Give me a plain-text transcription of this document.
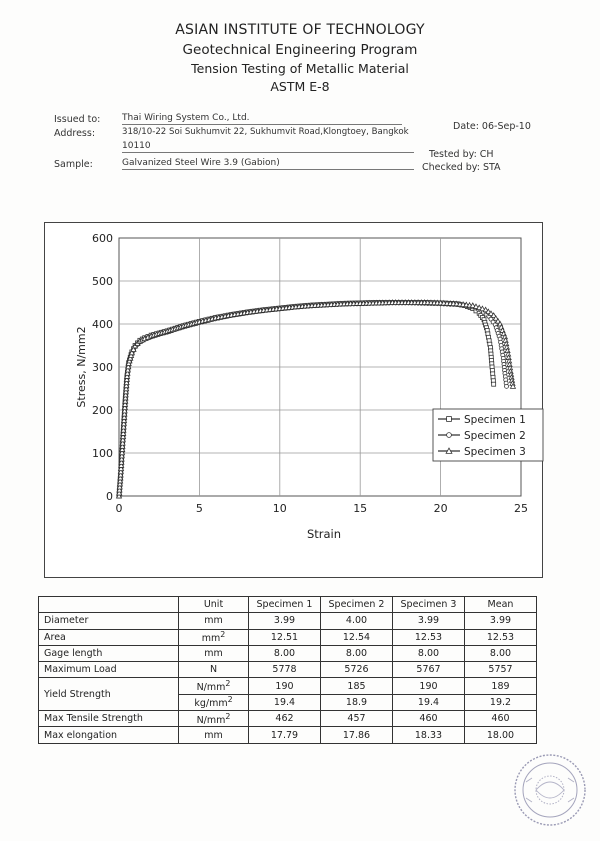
ASIAN INSTITUTE OF TECHNOLOGY
Geotechnical Engineering Program
Tension Testing of Metallic Material
ASTM E-8
Issued to: Thai Wiring System Co., Ltd.
Address:	318/10-22 Soi Sukhumvit 22, Sukhumvit Road,Klongtoey, Bangkok
10110
Sample:	Galvanized Steel Wire 3.9 (Gabion)
Date: 06-Sep-10
Tested by: CH
Checked by: STA
0	5	10	15	20	25
0
100
200
300
400
500
600
Strain
Stress, N/mm2
Specimen 1
Specimen 2
Specimen 3
	Unit	Specimen 1	Specimen 2	Specimen 3	Mean
Diameter	mm	3.99	4.00	3.99	3.99
Area	$mm^2$	12.51	12.54	12.53	12.53
Gage length	mm	8.00	8.00	8.00	8.00
Maximum Load	N	5778	5726	5767	5757
Yield Strength	$N/mm^2$	190	185	190	189
	$kg/mm^2$	19.4	18.9	19.4	19.2
Max Tensile Strength	$N/mm^2$	462	457	460	460
Max elongation	mm	17.79	17.86	18.33	18.00
